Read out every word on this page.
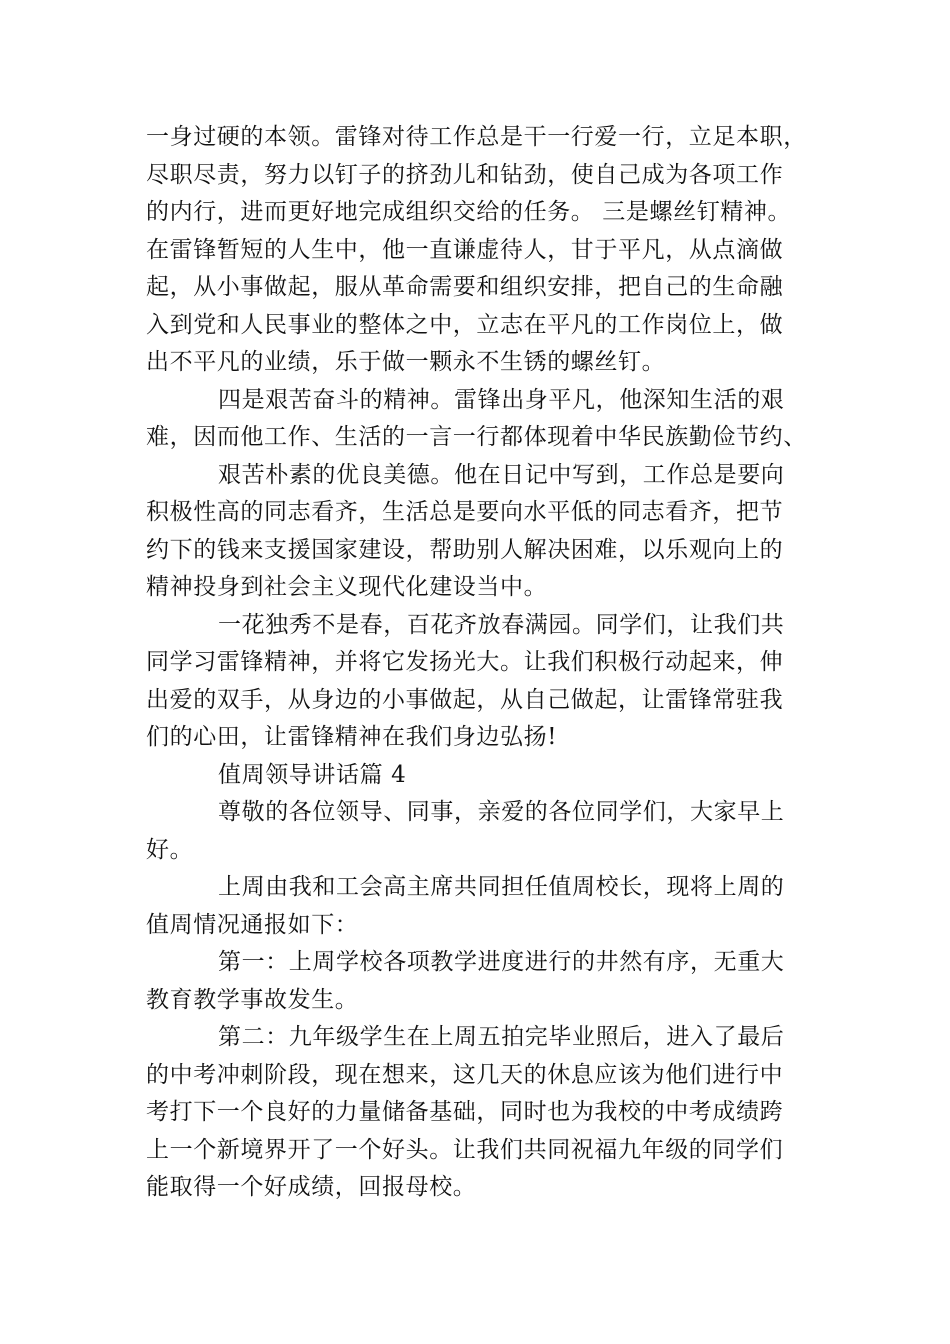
一身过硬的本领。雷锋对待工作总是干一行爱一行，立足本职，
尽职尽责，努力以钉子的挤劲儿和钻劲，使自己成为各项工作
的内行，进而更好地完成组织交给的任务。 三是螺丝钉精神。
在雷锋暂短的人生中，他一直谦虚待人，甘于平凡，从点滴做
起，从小事做起，服从革命需要和组织安排，把自己的生命融
入到党和人民事业的整体之中，立志在平凡的工作岗位上，做
出不平凡的业绩，乐于做一颗永不生锈的螺丝钉。
四是艰苦奋斗的精神。雷锋出身平凡，他深知生活的艰
难，因而他工作、生活的一言一行都体现着中华民族勤俭节约、
艰苦朴素的优良美德。他在日记中写到，工作总是要向
积极性高的同志看齐，生活总是要向水平低的同志看齐，把节
约下的钱来支援国家建设，帮助别人解决困难，以乐观向上的
精神投身到社会主义现代化建设当中。
一花独秀不是春，百花齐放春满园。同学们，让我们共
同学习雷锋精神，并将它发扬光大。让我们积极行动起来，伸
出爱的双手，从身边的小事做起，从自己做起，让雷锋常驻我
们的心田，让雷锋精神在我们身边弘扬!
值周领导讲话篇 4
尊敬的各位领导、同事，亲爱的各位同学们，大家早上
好。
上周由我和工会高主席共同担任值周校长，现将上周的
值周情况通报如下：
第一：上周学校各项教学进度进行的井然有序，无重大
教育教学事故发生。
第二：九年级学生在上周五拍完毕业照后，进入了最后
的中考冲刺阶段，现在想来，这几天的休息应该为他们进行中
考打下一个良好的力量储备基础，同时也为我校的中考成绩跨
上一个新境界开了一个好头。让我们共同祝福九年级的同学们
能取得一个好成绩，回报母校。
